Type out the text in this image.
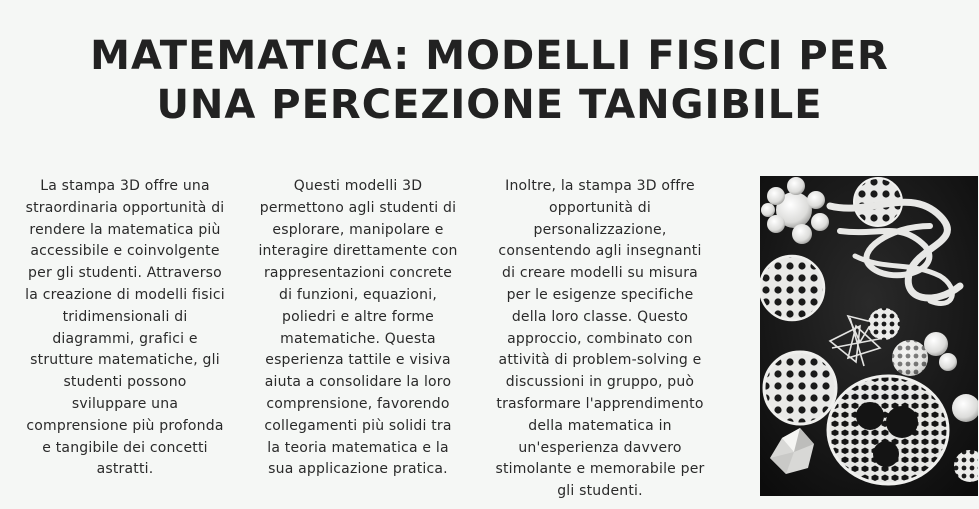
MATEMATICA: MODELLI FISICI PER
UNA PERCEZIONE TANGIBILE
La stampa 3D offre una
straordinaria opportunità di
rendere la matematica più
accessibile e coinvolgente
per gli studenti. Attraverso
la creazione di modelli fisici
tridimensionali di
diagrammi, grafici e
strutture matematiche, gli
studenti possono
sviluppare una
comprensione più profonda
e tangibile dei concetti
astratti.
Questi modelli 3D
permettono agli studenti di
esplorare, manipolare e
interagire direttamente con
rappresentazioni concrete
di funzioni, equazioni,
poliedri e altre forme
matematiche. Questa
esperienza tattile e visiva
aiuta a consolidare la loro
comprensione, favorendo
collegamenti più solidi tra
la teoria matematica e la
sua applicazione pratica.
Inoltre, la stampa 3D offre
opportunità di
personalizzazione,
consentendo agli insegnanti
di creare modelli su misura
per le esigenze specifiche
della loro classe. Questo
approccio, combinato con
attività di problem-solving e
discussioni in gruppo, può
trasformare l'apprendimento
della matematica in
un'esperienza davvero
stimolante e memorabile per
gli studenti.
